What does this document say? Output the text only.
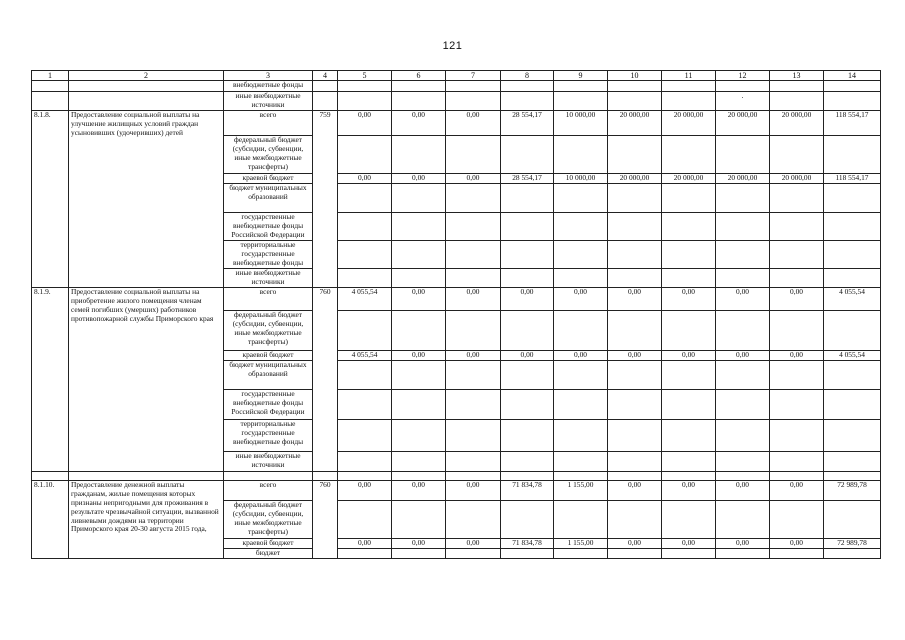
121
1	2	3	4	5	6	7	8	9	10	11	12	13	14
		внебюджетные фонды											
		иные внебюджетные источники									.		
8.1.8.	Предоставление социальной выплаты на улучшение жилищных условий граждан усыновивших (удочеривших) детей	всего	759	0,00	0,00	0,00	28 554,17	10 000,00	20 000,00	20 000,00	20 000,00	20 000,00	118 554,17
		федеральный бюджет (субсидии, субвенции, иные межбюджетные трансферты)											
		краевой бюджет		0,00	0,00	0,00	28 554,17	10 000,00	20 000,00	20 000,00	20 000,00	20 000,00	118 554,17
		бюджет муниципальных образований											
		государственные внебюджетные фонды Российской Федерации											
		территориальные государственные внебюджетные фонды											
		иные внебюджетные источники											
8.1.9.	Предоставление социальной выплаты на приобретение жилого помещения членам семей погибших (умерших) работников противопожарной службы Приморского края	всего	760	4 055,54	0,00	0,00	0,00	0,00	0,00	0,00	0,00	0,00	4 055,54
		федеральный бюджет (субсидии, субвенции, иные межбюджетные трансферты)											
		краевой бюджет		4 055,54	0,00	0,00	0,00	0,00	0,00	0,00	0,00	0,00	4 055,54
		бюджет муниципальных образований											
		государственные внебюджетные фонды Российской Федерации											
		территориальные государственные внебюджетные фонды											
		иные внебюджетные источники											

8.1.10.	Предоставление денежной выплаты гражданам, жилые помещения которых признаны непригодными для проживания в результате чрезвычайной ситуации, вызванной ливневыми дождями на территории Приморского края 20-30 августа 2015 года,	всего	760	0,00	0,00	0,00	71 834,78	1 155,00	0,00	0,00	0,00	0,00	72 989,78
		федеральный бюджет (субсидии, субвенции, иные межбюджетные трансферты)											
		краевой бюджет		0,00	0,00	0,00	71 834,78	1 155,00	0,00	0,00	0,00	0,00	72 989,78
		бюджет											
